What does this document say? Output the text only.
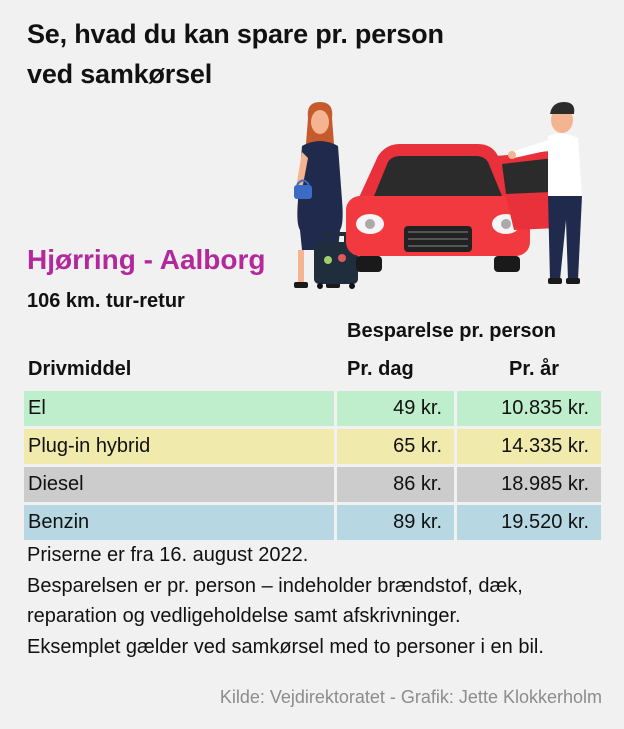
Se, hvad du kan spare pr. person
ved samkørsel
Hjørring - Aalborg
106 km. tur-retur
Besparelse pr. person
Drivmiddel	Pr. dag	Pr. år
El	49 kr.	10.835 kr.
Plug-in hybrid	65 kr.	14.335 kr.
Diesel	86 kr.	18.985 kr.
Benzin	89 kr.	19.520 kr.
Priserne er fra 16. august 2022.
Besparelsen er pr. person – indeholder brændstof, dæk,
reparation og vedligeholdelse samt afskrivninger.
Eksemplet gælder ved samkørsel med to personer i en bil.
Kilde: Vejdirektoratet - Grafik: Jette Klokkerholm
